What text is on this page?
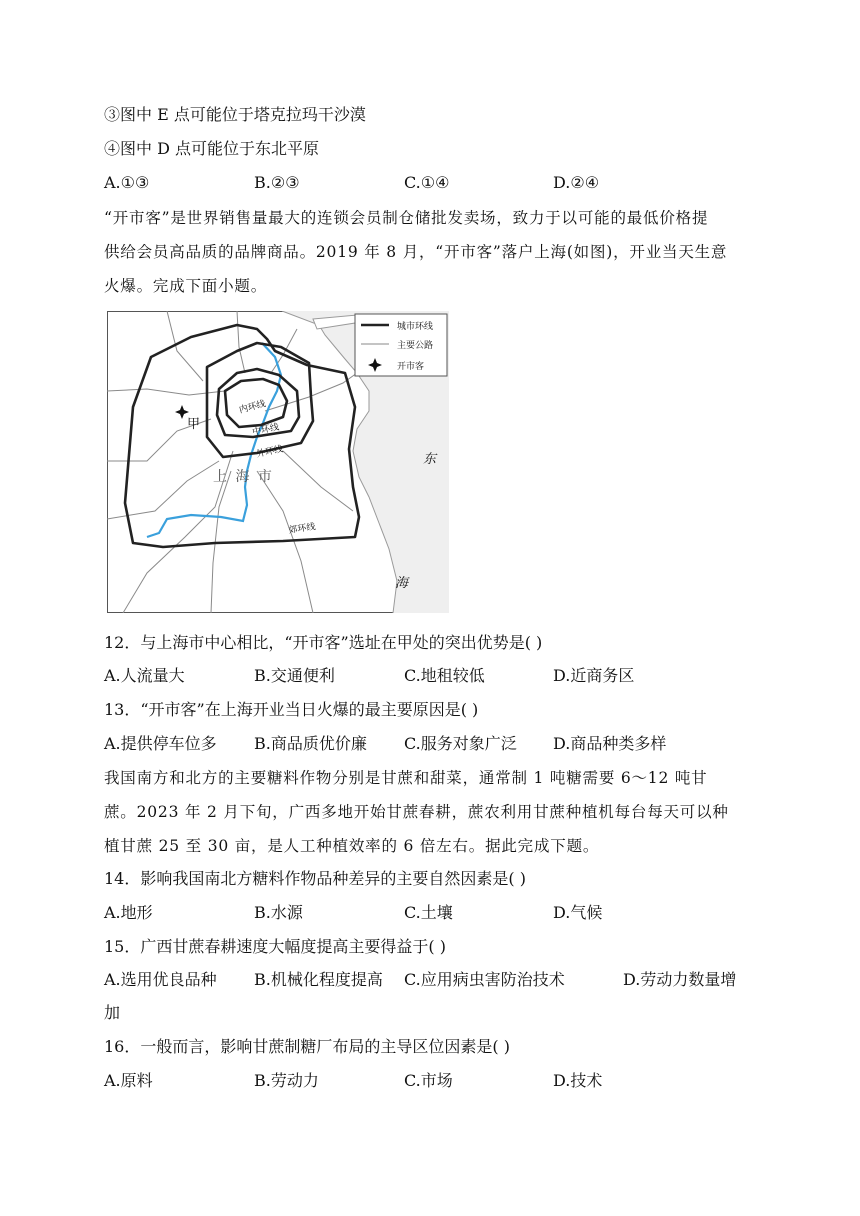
③图中 E 点可能位于塔克拉玛干沙漠
④图中 D 点可能位于东北平原
A.①③	B.②③	C.①④	D.②④
“开市客”是世界销售量最大的连锁会员制仓储批发卖场，致力于以可能的最低价格提
供给会员高品质的品牌商品。2019 年 8 月，“开市客”落户上海(如图)，开业当天生意
火爆。完成下面小题。
城市环线
主要公路
开市客
内环线
中环线
外环线
郊环线
甲
上 海 市
东
海
12．与上海市中心相比，“开市客”选址在甲处的突出优势是( )
A.人流量大	B.交通便利	C.地租较低	D.近商务区
13．“开市客”在上海开业当日火爆的最主要原因是( )
A.提供停车位多 B.商品质优价廉 C.服务对象广泛 D.商品种类多样
我国南方和北方的主要糖料作物分别是甘蔗和甜菜，通常制 1 吨糖需要 6～12 吨甘
蔗。2023 年 2 月下旬，广西多地开始甘蔗春耕，蔗农利用甘蔗种植机每台每天可以种
植甘蔗 25 至 30 亩，是人工种植效率的 6 倍左右。据此完成下题。
14．影响我国南北方糖料作物品种差异的主要自然因素是( )
A.地形	B.水源	C.土壤	D.气候
15．广西甘蔗春耕速度大幅度提高主要得益于( )
A.选用优良品种 B.机械化程度提高 C.应用病虫害防治技术	D.劳动力数量增
加
16．一般而言，影响甘蔗制糖厂布局的主导区位因素是( )
A.原料	B.劳动力	C.市场	D.技术
